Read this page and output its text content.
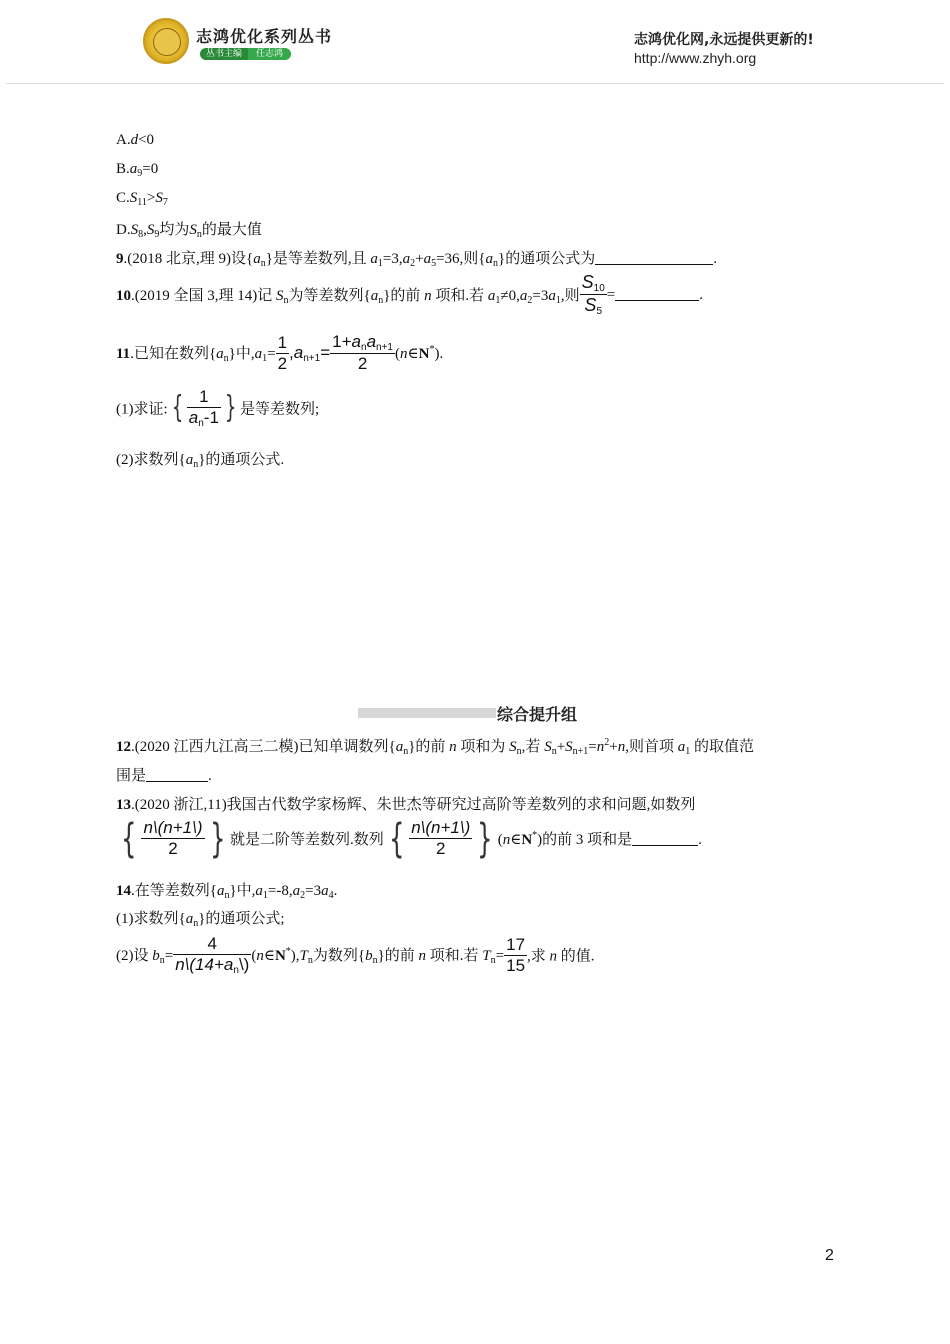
志鸿优化系列丛书
丛书主编 任志鸿
志鸿优化网,永远提供更新的!
http://www.zhyh.org
A.d<0
$B.a_9=0$
$C.S_{11}>S_7$
$D.S_8,S_9$均为$S_n$的最大值
9.(2018 北京,理 9)设$\{a_n\}$是等差数列,且 $a_1=3,a_2+a_5=36$,则$\{a_n\}$的通项公式为	.
10.(2019 全国 3,理 14)记 $S_n$为等差数列$\{a_n\}$的前 n 项和.若 $a_1\ne 0,a_2=3a_1$,则 $\frac{S_{10}}{S_5}$ =	.
11.已知在数列$\{a_n\}$中$,a_1= \frac{1}{2} ,a_{n+1}= \frac{1+a_na_{n+1}}{2}$ (n∈N*).
(1)求证: { $\frac{1}{a_n-1}$ } 是等差数列;
(2)求数列$\{a_n\}$的通项公式.
综合提升组
12.(2020 江西九江高三二模)已知单调数列$\{a_n\}$的前 n 项和为 $S_n$,若 $S_n+S_{n+1}=n^2+n$,则首项 $a_1$ 的取值范
围是	.
13.(2020 浙江,11)我国古代数学家杨辉、朱世杰等研究过高阶等差数列的求和问题,如数列
{ $\frac{n\backslash(n+1\backslash)}{2}$ } 就是二阶等差数列.数列 { $\frac{n\backslash(n+1\backslash)}{2}$ } (n∈N*)的前 3 项和是	.
14.在等差数列$\{a_n\}$中$,a_1=-8,a_2=3a_4$.
(1)求数列$\{a_n\}$的通项公式;
(2)设 $b_n= \frac{4}{n\backslash(14+a_n\backslash)}$ $(n\in N^*),T_n$为数列$\{b_n\}$的前 n 项和.若 $T_n= \frac{17}{15}$ ,求 n 的值.
2
